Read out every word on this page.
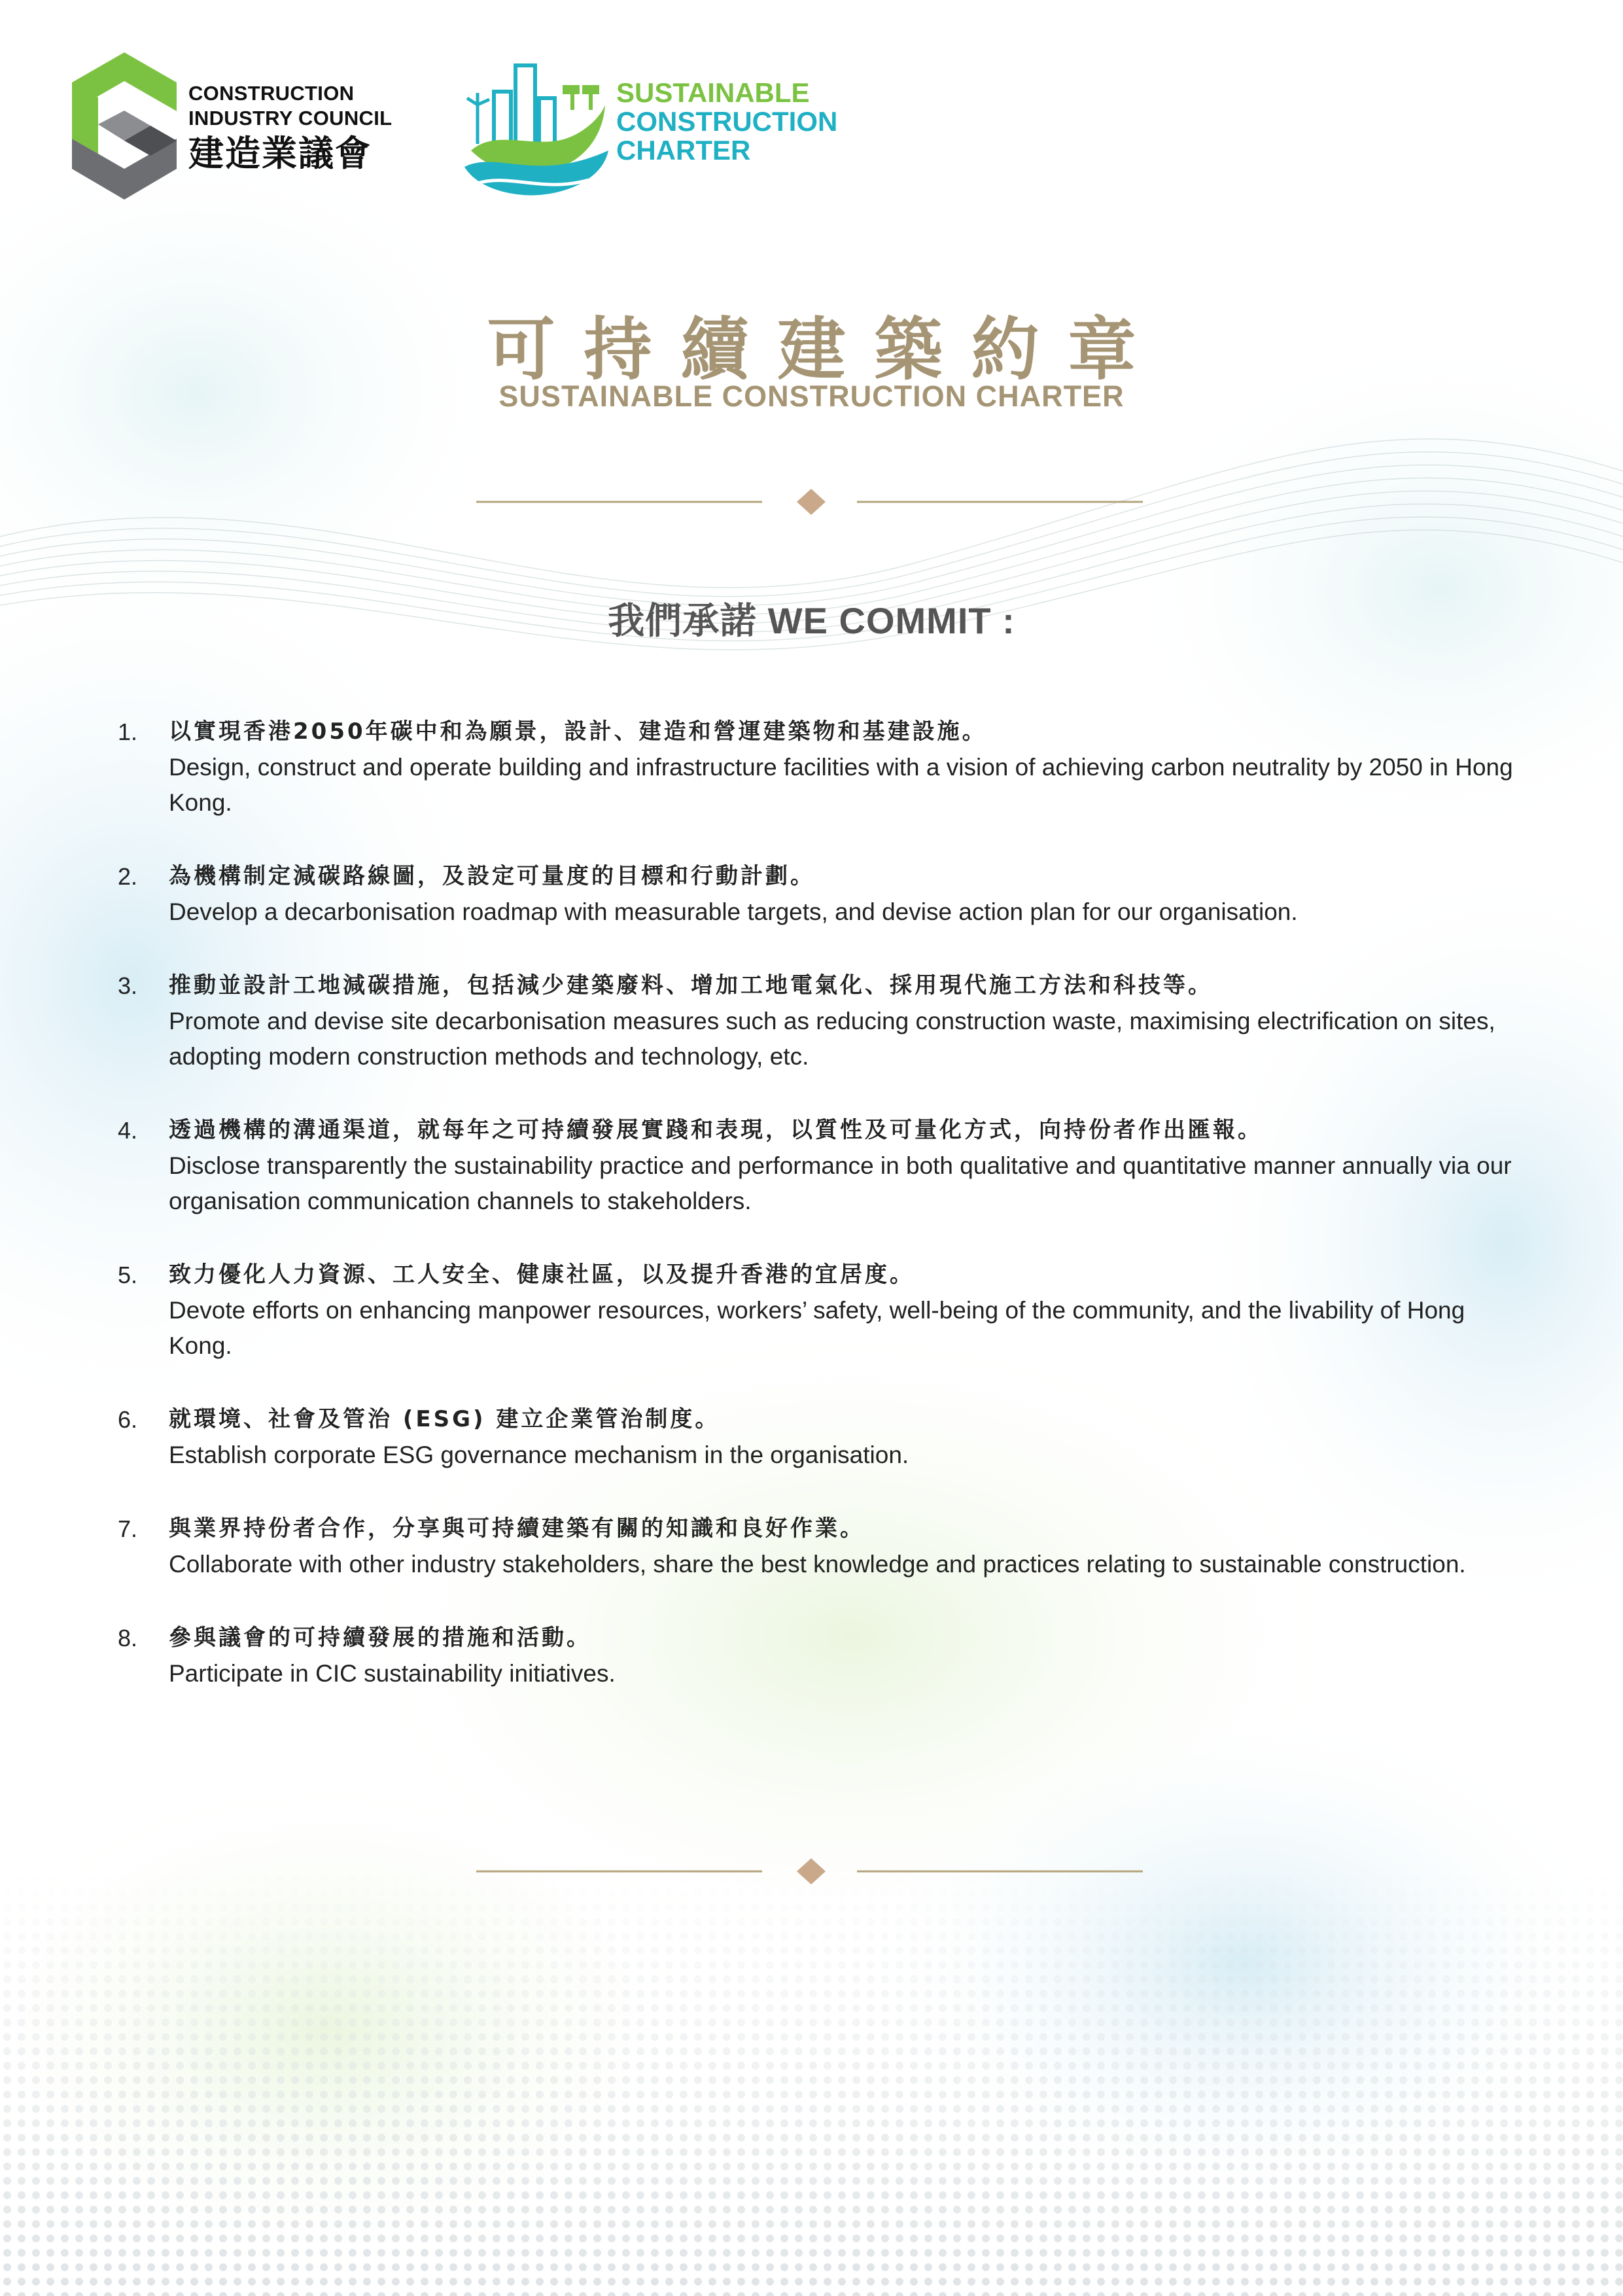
CONSTRUCTION
INDUSTRY COUNCIL
建造業議會
SUSTAINABLE
CONSTRUCTION
CHARTER
可持續建築約章
SUSTAINABLE CONSTRUCTION CHARTER
我們承諾 WE COMMIT :
1. 以實現香港2050年碳中和為願景，設計、建造和營運建築物和基建設施。
Design, construct and operate building and infrastructure facilities with a vision of achieving carbon neutrality by 2050 in Hong Kong.
2. 為機構制定減碳路線圖，及設定可量度的目標和行動計劃。
Develop a decarbonisation roadmap with measurable targets, and devise action plan for our organisation.
3. 推動並設計工地減碳措施，包括減少建築廢料、增加工地電氣化、採用現代施工方法和科技等。
Promote and devise site decarbonisation measures such as reducing construction waste, maximising electrification on sites, adopting modern construction methods and technology, etc.
4. 透過機構的溝通渠道，就每年之可持續發展實踐和表現，以質性及可量化方式，向持份者作出匯報。
Disclose transparently the sustainability practice and performance in both qualitative and quantitative manner annually via our organisation communication channels to stakeholders.
5. 致力優化人力資源、工人安全、健康社區，以及提升香港的宜居度。
Devote efforts on enhancing manpower resources, workers’ safety, well-being of the community, and the livability of Hong Kong.
6. 就環境、社會及管治 (ESG) 建立企業管治制度。
Establish corporate ESG governance mechanism in the organisation.
7. 與業界持份者合作，分享與可持續建築有關的知識和良好作業。
Collaborate with other industry stakeholders, share the best knowledge and practices relating to sustainable construction.
8. 參與議會的可持續發展的措施和活動。
Participate in CIC sustainability initiatives.
